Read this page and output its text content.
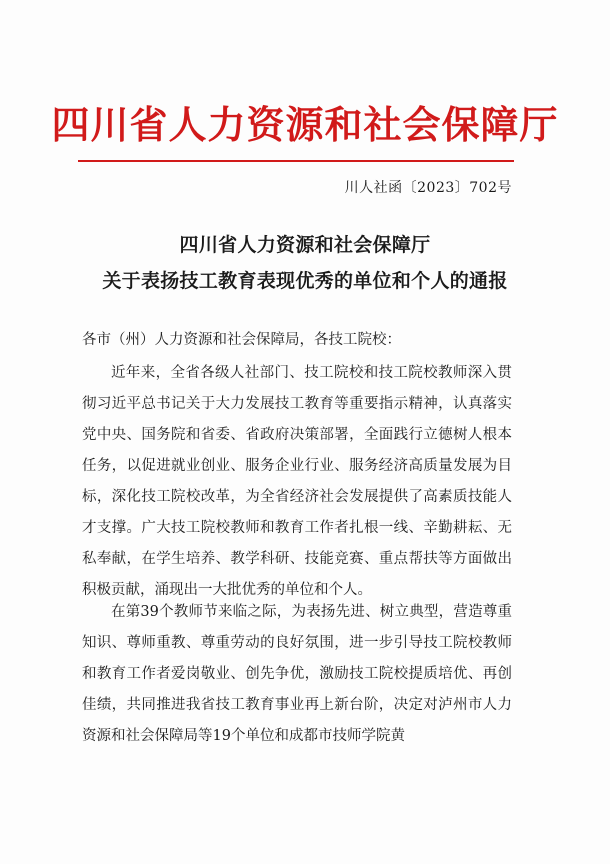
四川省人力资源和社会保障厅
川人社函〔2023〕702号
四川省人力资源和社会保障厅
关于表扬技工教育表现优秀的单位和个人的通报
各市（州）人力资源和社会保障局，各技工院校：

近年来，全省各级人社部门、技工院校和技工院校教师深入贯彻习近平总书记关于大力发展技工教育等重要指示精神，认真落实党中央、国务院和省委、省政府决策部署，全面践行立德树人根本任务，以促进就业创业、服务企业行业、服务经济高质量发展为目标，深化技工院校改革，为全省经济社会发展提供了高素质技能人才支撑。广大技工院校教师和教育工作者扎根一线、辛勤耕耘、无私奉献，在学生培养、教学科研、技能竞赛、重点帮扶等方面做出积极贡献，涌现出一大批优秀的单位和个人。

在第39个教师节来临之际，为表扬先进、树立典型，营造尊重知识、尊师重教、尊重劳动的良好氛围，进一步引导技工院校教师和教育工作者爱岗敬业、创先争优，激励技工院校提质培优、再创佳绩，共同推进我省技工教育事业再上新台阶，决定对泸州市人力资源和社会保障局等19个单位和成都市技师学院黄
